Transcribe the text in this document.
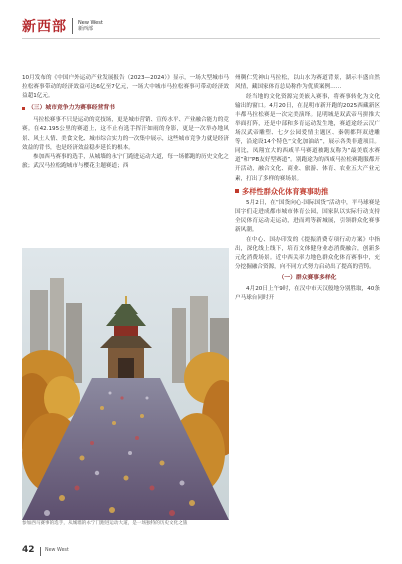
新西部 New West
新西部

10月发布的《中国户外运动产业发展报告（2023—2024）》显示，一场大型城市马拉松赛事带动的经济效益可达6亿至7亿元，一场大中城市马拉松赛事可带动经济效益超1亿元。

（三）城市竞争力为赛事经营背书

马拉松赛事不只是运动的竞技场，更是城市营销、宣传水平、产业融合能力的竞赛。在42.195公里的赛道上，这不止有选手挥汗如雨的身影，更是一次举办地风景、风土人情、美食文化、城市综合实力的一次集中展示，这些城市竞争力就是经济效益的背书，也是经济效益稳步延长的根本。

参加西马赛事的选手，从城墙的永宁门跑进运动大道，每一场都跑的历史文化之旅；武汉马拉松跑城市与樱花主题赛道；西

参加西马赛事的选手，从城墙的永宁门跑进运动大道，是一场独特的历史文化之旅

州稠仁凭神山马拉松，以山水为赛道背景，湖示丰盛自然风情，藏国家体育总局称作为优质案例……

经当地的文化资源完美嵌入赛事，将赛事转化为文化输出的窗口。4月20日，在昆明市新开跑的2025西藏新区丰都马拉松赛是一次完美演绎。昆明城是双武帝马拼推大举面打阵，还是中部和多育运动发生地，赛道途经云汉广场汉武帝雕塑、七夕公园爱情主题区、秦朝都拜双进雕等，沿途设14个特色“文化加油站”，展示各类非遗项目。同比，凤翔宜大的西咸半马赛道被跑友称为“最美底水赛道”和“PB友好型赛道”。别跑途为的西咸马拉松赛跑服都开开活动，融合文化、商业、旅游、体育、农业五大产业元素，打出了多样的赛场景。

多样性群众化体育赛事助推

5月2日，在“国货向心·国际国货”活动中，平马球赛是国字们走进成都市城市体育公园，国家队以实际行动支持全民体育运动走运动，进而鸡等新城展，引领群众化赛事新风潮。

在中心、国办印发的《提振消费专项行动方案》中指出，深化线上线下，培育文体健身业态消费融合，创新多元化消费场景。近中西关率力地色群众化体育赛事中，充分挖掘融合资源，向不同方式努力启动出了提高的营铸。

（一）群众赛事多样化

4月20日上午9时，在汉中市天汉般地分别胜取，40条户马球台同时开

42 New West
